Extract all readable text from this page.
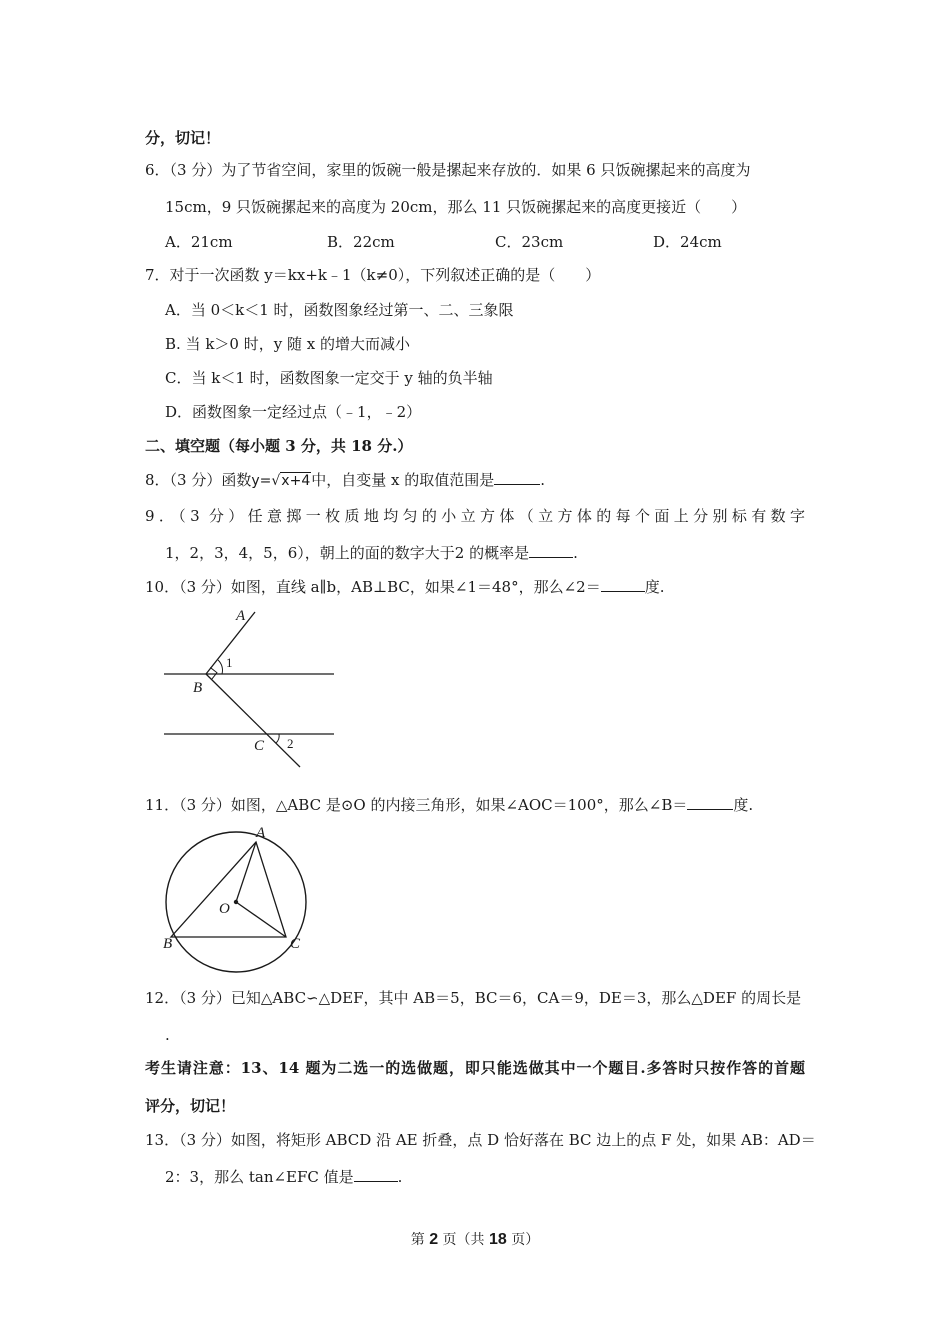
分，切记！
6．（3 分）为了节省空间，家里的饭碗一般是摞起来存放的．如果 6 只饭碗摞起来的高度为
15cm，9 只饭碗摞起来的高度为 20cm，那么 11 只饭碗摞起来的高度更接近（　　）
A．21cm	B．22cm	C．23cm	D．24cm
7．对于一次函数 y＝kx+k﹣1（k≠0），下列叙述正确的是（　　）
A．当 0＜k＜1 时，函数图象经过第一、二、三象限
B. 当 k＞0 时，y 随 x 的增大而减小
C．当 k＜1 时，函数图象一定交于 y 轴的负半轴
D．函数图象一定经过点（﹣1，﹣2）
二、填空题（每小题 3 分，共 18 分.）
8．（3 分）函数y=√x+4中，自变量 x 的取值范围是	.
9．（3 分）任意掷一枚质地均匀的小立方体（立方体的每个面上分别标有数字
1，2，3，4，5，6），朝上的面的数字大于2 的概率是	.
10．（3 分）如图，直线 a∥b，AB⊥BC，如果∠1＝48°，那么∠2＝	度.
A
B
C
1
2
11．（3 分）如图，△ABC 是⊙O 的内接三角形，如果∠AOC＝100°，那么∠B＝	度.
A
B	C
O
12．（3 分）已知△ABC∽△DEF，其中 AB＝5，BC＝6，CA＝9，DE＝3，那么△DEF 的周长是
.
考生请注意：13、14 题为二选一的选做题，即只能选做其中一个题目.多答时只按作答的首题
评分，切记！
13．（3 分）如图，将矩形 ABCD 沿 AE 折叠，点 D 恰好落在 BC 边上的点 F 处，如果 AB：AD＝
2：3，那么 tan∠EFC 值是	.
第 2 页（共 18 页）
